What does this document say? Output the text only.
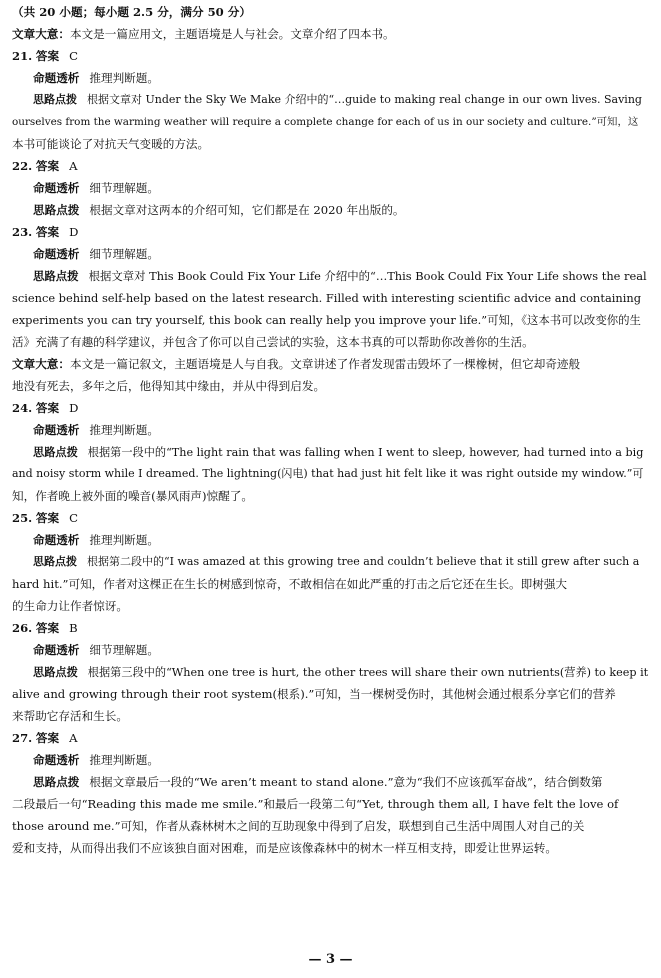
（共 20 小题；每小题 2.5 分，满分 50 分）
文章大意：本文是一篇应用文，主题语境是人与社会。文章介绍了四本书。
21. 答案 C
命题透析 推理判断题。
思路点拨 根据文章对 Under the Sky We Make 介绍中的“…guide to making real change in our own lives. Saving
ourselves from the warming weather will require a complete change for each of us in our society and culture.”可知，这
本书可能谈论了对抗天气变暖的方法。
22. 答案 A
命题透析 细节理解题。
思路点拨 根据文章对这两本的介绍可知，它们都是在 2020 年出版的。
23. 答案 D
命题透析 细节理解题。
思路点拨 根据文章对 This Book Could Fix Your Life 介绍中的“…This Book Could Fix Your Life shows the real
science behind self-help based on the latest research. Filled with interesting scientific advice and containing
experiments you can try yourself, this book can really help you improve your life.”可知，《这本书可以改变你的生
活》充满了有趣的科学建议，并包含了你可以自己尝试的实验，这本书真的可以帮助你改善你的生活。
文章大意：本文是一篇记叙文，主题语境是人与自我。文章讲述了作者发现雷击毁坏了一棵橡树，但它却奇迹般
地没有死去，多年之后，他得知其中缘由，并从中得到启发。
24. 答案 D
命题透析 推理判断题。
思路点拨 根据第一段中的“The light rain that was falling when I went to sleep, however, had turned into a big
and noisy storm while I dreamed. The lightning(闪电) that had just hit felt like it was right outside my window.”可
知，作者晚上被外面的噪音(暴风雨声)惊醒了。
25. 答案 C
命题透析 推理判断题。
思路点拨 根据第二段中的“I was amazed at this growing tree and couldn’t believe that it still grew after such a
hard hit.”可知，作者对这棵正在生长的树感到惊奇，不敢相信在如此严重的打击之后它还在生长。即树强大
的生命力让作者惊讶。
26. 答案 B
命题透析 细节理解题。
思路点拨 根据第三段中的“When one tree is hurt, the other trees will share their own nutrients(营养) to keep it
alive and growing through their root system(根系).”可知，当一棵树受伤时，其他树会通过根系分享它们的营养
来帮助它存活和生长。
27. 答案 A
命题透析 推理判断题。
思路点拨 根据文章最后一段的“We aren’t meant to stand alone.”意为“我们不应该孤军奋战”，结合倒数第
二段最后一句“Reading this made me smile.”和最后一段第二句“Yet, through them all, I have felt the love of
those around me.”可知，作者从森林树木之间的互助现象中得到了启发，联想到自己生活中周围人对自己的关
爱和支持，从而得出我们不应该独自面对困难，而是应该像森林中的树木一样互相支持，即爱让世界运转。
— 3 —
